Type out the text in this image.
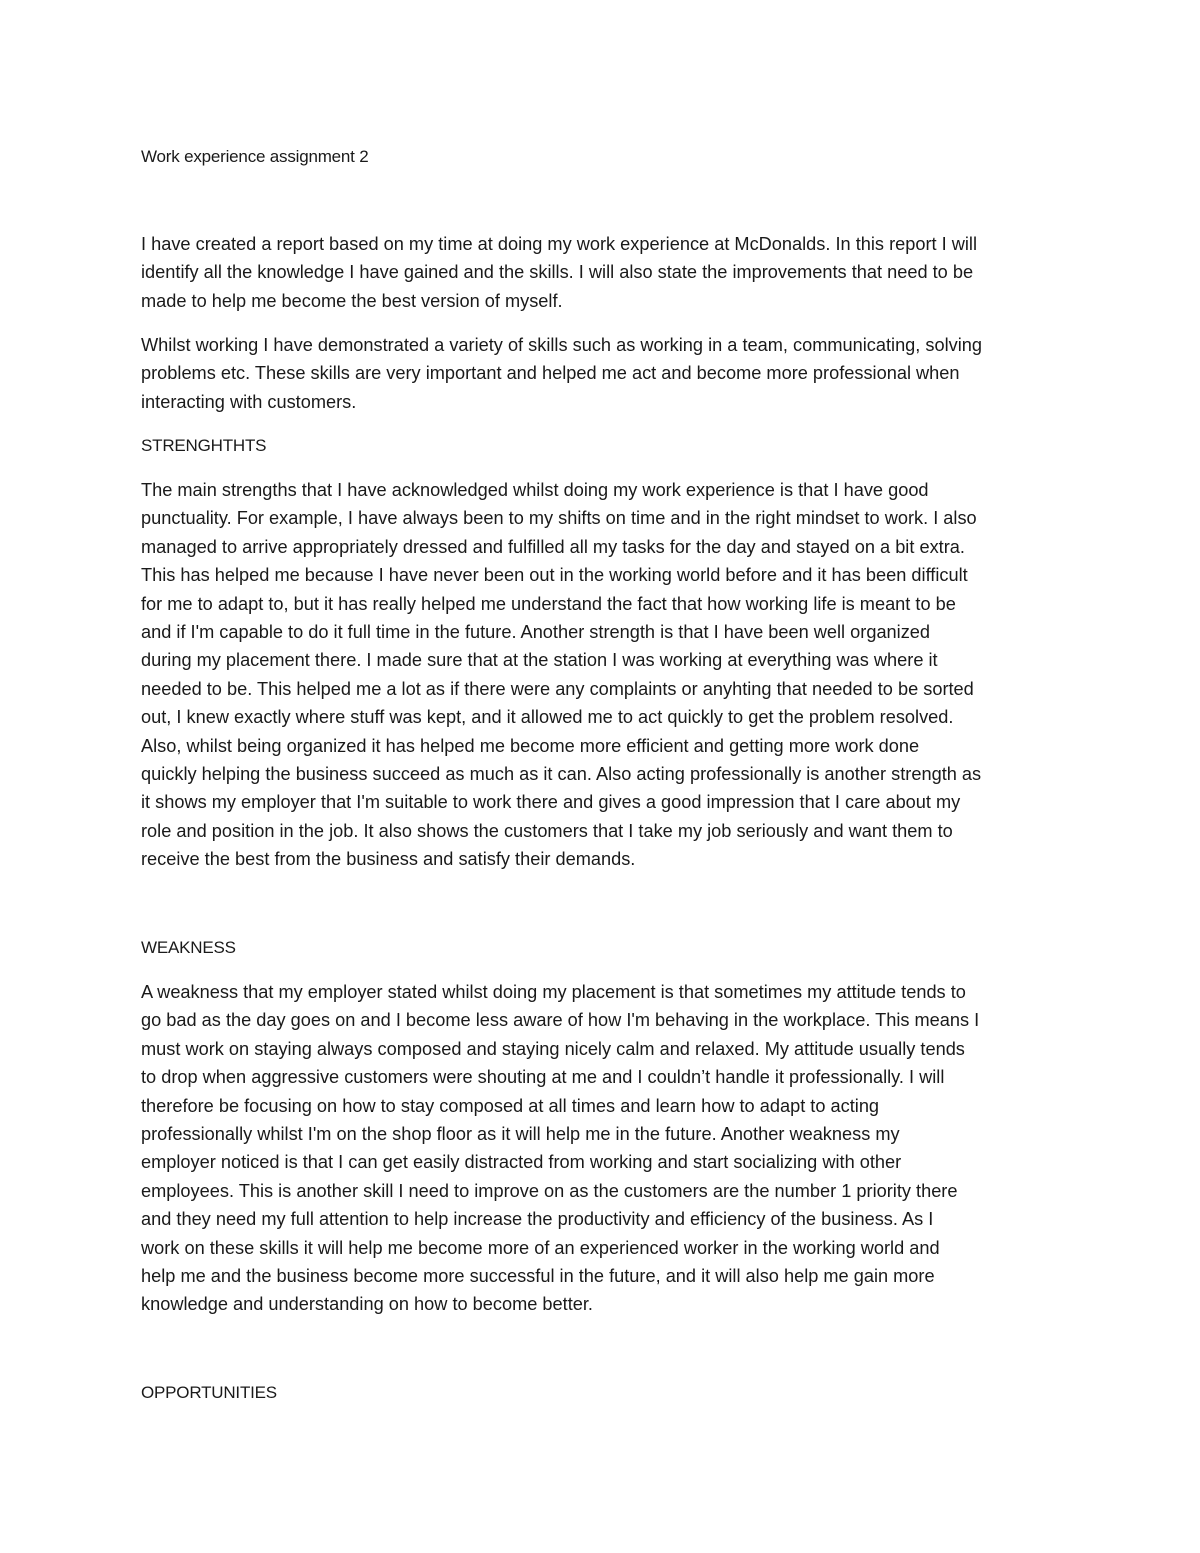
Work experience assignment 2

I have created a report based on my time at doing my work experience at McDonalds. In this report I will
identify all the knowledge I have gained and the skills. I will also state the improvements that need to be
made to help me become the best version of myself.
Whilst working I have demonstrated a variety of skills such as working in a team, communicating, solving
problems etc. These skills are very important and helped me act and become more professional when
interacting with customers.

STRENGHTHTS

The main strengths that I have acknowledged whilst doing my work experience is that I have good
punctuality. For example, I have always been to my shifts on time and in the right mindset to work. I also
managed to arrive appropriately dressed and fulfilled all my tasks for the day and stayed on a bit extra.
This has helped me because I have never been out in the working world before and it has been difficult
for me to adapt to, but it has really helped me understand the fact that how working life is meant to be
and if I'm capable to do it full time in the future. Another strength is that I have been well organized
during my placement there. I made sure that at the station I was working at everything was where it
needed to be. This helped me a lot as if there were any complaints or anyhting that needed to be sorted
out, I knew exactly where stuff was kept, and it allowed me to act quickly to get the problem resolved.
Also, whilst being organized it has helped me become more efficient and getting more work done
quickly helping the business succeed as much as it can. Also acting professionally is another strength as
it shows my employer that I'm suitable to work there and gives a good impression that I care about my
role and position in the job. It also shows the customers that I take my job seriously and want them to
receive the best from the business and satisfy their demands.

WEAKNESS

A weakness that my employer stated whilst doing my placement is that sometimes my attitude tends to
go bad as the day goes on and I become less aware of how I'm behaving in the workplace. This means I
must work on staying always composed and staying nicely calm and relaxed. My attitude usually tends
to drop when aggressive customers were shouting at me and I couldn’t handle it professionally. I will
therefore be focusing on how to stay composed at all times and learn how to adapt to acting
professionally whilst I'm on the shop floor as it will help me in the future. Another weakness my
employer noticed is that I can get easily distracted from working and start socializing with other
employees. This is another skill I need to improve on as the customers are the number 1 priority there
and they need my full attention to help increase the productivity and efficiency of the business. As I
work on these skills it will help me become more of an experienced worker in the working world and
help me and the business become more successful in the future, and it will also help me gain more
knowledge and understanding on how to become better.

OPPORTUNITIES
